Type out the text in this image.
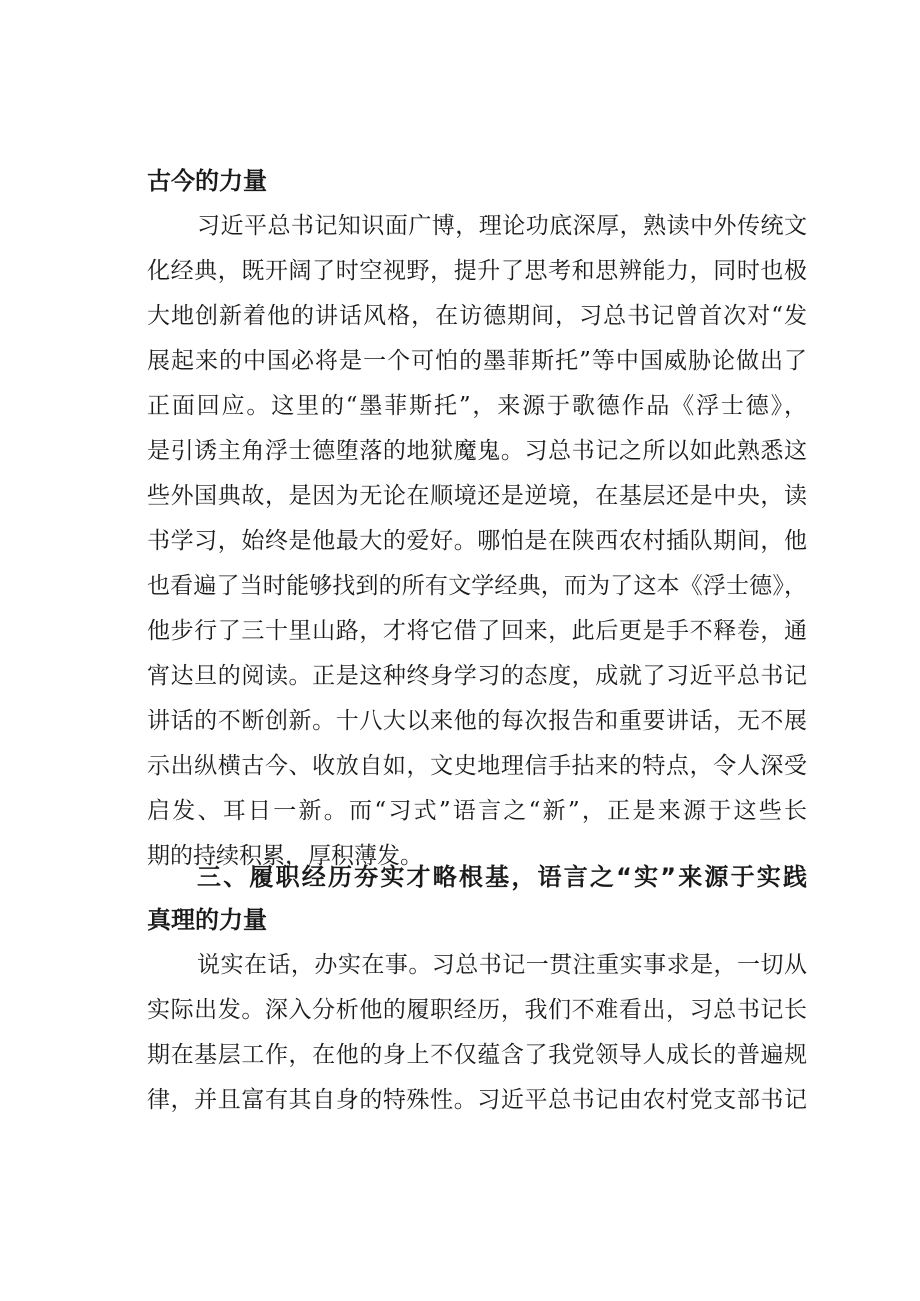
古今的力量
习近平总书记知识面广博，理论功底深厚，熟读中外传统文
化经典，既开阔了时空视野，提升了思考和思辨能力，同时也极
大地创新着他的讲话风格，在访德期间，习总书记曾首次对“发
展起来的中国必将是一个可怕的墨菲斯托”等中国威胁论做出了
正面回应。这里的“墨菲斯托”，来源于歌德作品《浮士德》，
是引诱主角浮士德堕落的地狱魔鬼。习总书记之所以如此熟悉这
些外国典故，是因为无论在顺境还是逆境，在基层还是中央，读
书学习，始终是他最大的爱好。哪怕是在陕西农村插队期间，他
也看遍了当时能够找到的所有文学经典，而为了这本《浮士德》，
他步行了三十里山路，才将它借了回来，此后更是手不释卷，通
宵达旦的阅读。正是这种终身学习的态度，成就了习近平总书记
讲话的不断创新。十八大以来他的每次报告和重要讲话，无不展
示出纵横古今、收放自如，文史地理信手拈来的特点，令人深受
启发、耳日一新。而“习式”语言之“新”，正是来源于这些长
期的持续积累，厚积薄发。
三、履职经历夯实才略根基，语言之“实”来源于实践
真理的力量
说实在话，办实在事。习总书记一贯注重实事求是，一切从
实际出发。深入分析他的履职经历，我们不难看出，习总书记长
期在基层工作，在他的身上不仅蕴含了我党领导人成长的普遍规
律，并且富有其自身的特殊性。习近平总书记由农村党支部书记
